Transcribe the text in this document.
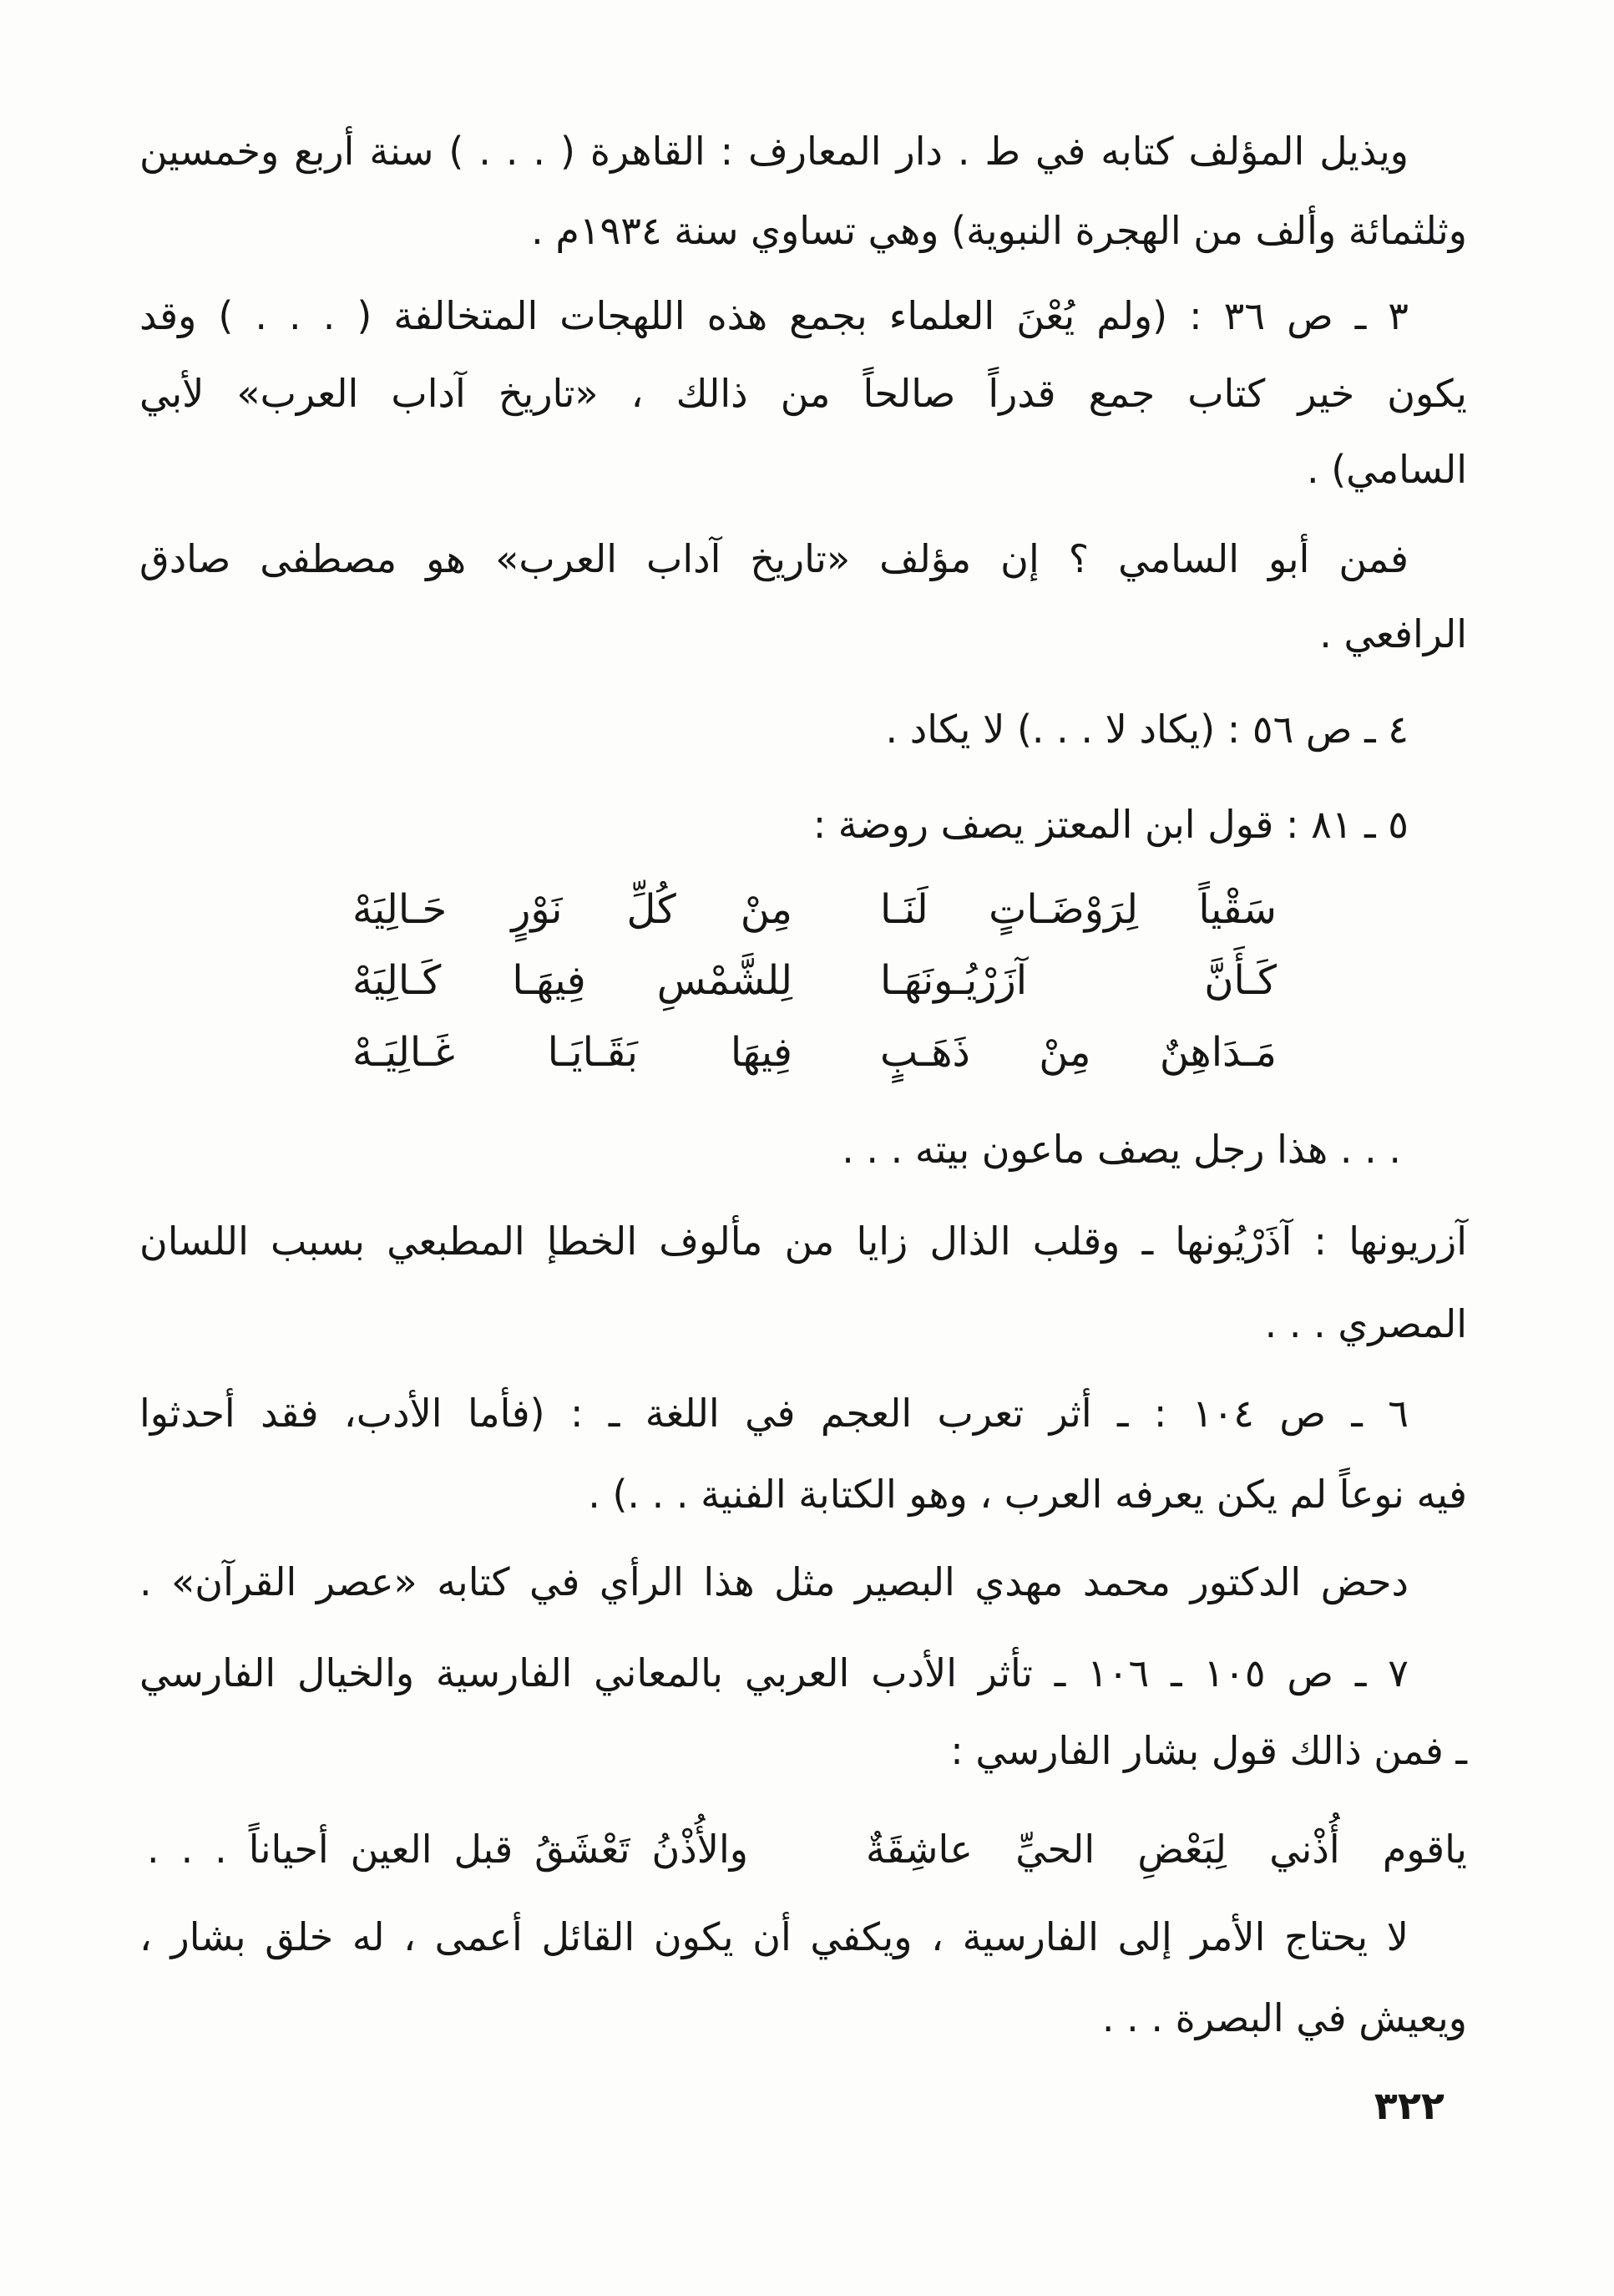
ويذيل المؤلف كتابه في ط . دار المعارف : القاهرة ( . . . ) سنة أربع وخمسين
وثلثمائة وألف من الهجرة النبوية) وهي تساوي سنة ١٩٣٤م .
٣ ـ ص ٣٦ : (ولم يُعْنَ العلماء بجمع هذه اللهجات المتخالفة ( . . . ) وقد
يكون خير كتاب جمع قدراً صالحاً من ذالك ، «تاريخ آداب العرب» لأبي
السامي) .
فمن أبو السامي ؟ إن مؤلف «تاريخ آداب العرب» هو مصطفى صادق
الرافعي .
٤ ـ ص ٥٦ : (يكاد لا . . .) لا يكاد .
٥ ـ ٨١ : قول ابن المعتز يصف روضة :
سَقْياً لِرَوْضَـاتٍ لَنَـا
مِنْ كُلِّ نَوْرٍ حَـالِيَهْ
كَـأَنَّ آزَرْيُـونَهَـا
لِلشَّمْسِ فِيهَـا كَـالِيَهْ
مَـدَاهِنٌ مِنْ ذَهَـبٍ
فِيهَا بَقَـايَـا غَـالِيَـهْ
. . . هذا رجل يصف ماعون بيته . . .
آزريونها : آذَرْيُونها ـ وقلب الذال زايا من مألوف الخطإ المطبعي بسبب اللسان
المصري . . .
٦ ـ ص ١٠٤ : ـ أثر تعرب العجم في اللغة ـ : (فأما الأدب، فقد أحدثوا
فيه نوعاً لم يكن يعرفه العرب ، وهو الكتابة الفنية . . .) .
دحض الدكتور محمد مهدي البصير مثل هذا الرأي في كتابه «عصر القرآن» .
٧ ـ ص ١٠٥ ـ ١٠٦ ـ تأثر الأدب العربي بالمعاني الفارسية والخيال الفارسي
ـ فمن ذالك قول بشار الفارسي :
ياقوم أُذْني لِبَعْضِ الحيِّ عاشِقَةٌ
والأُذْنُ تَعْشَقُ قبل العين أحياناً . . .
لا يحتاج الأمر إلى الفارسية ، ويكفي أن يكون القائل أعمى ، له خلق بشار ،
ويعيش في البصرة . . .
٣٢٢
